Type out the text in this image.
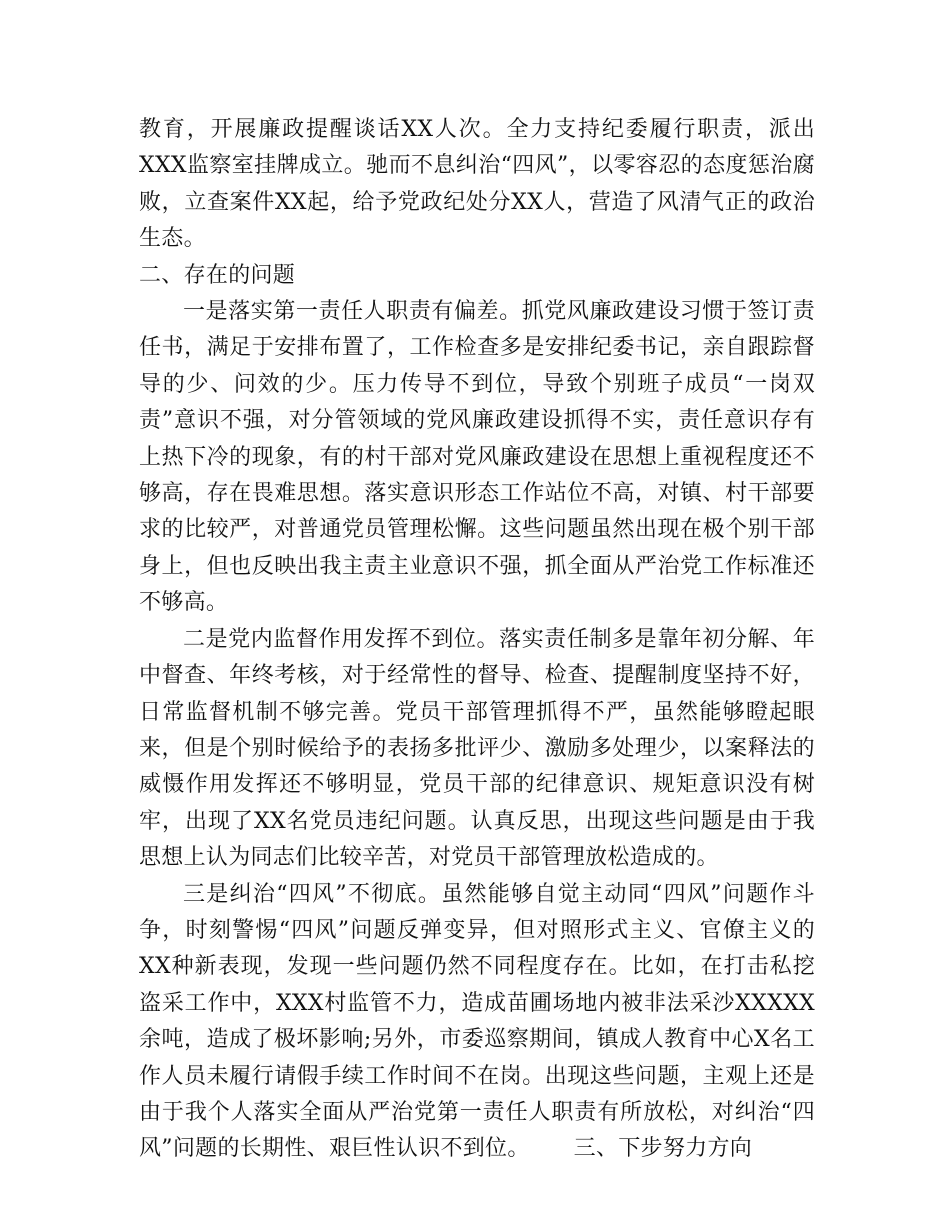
教育，开展廉政提醒谈话XX人次。全力支持纪委履行职责，派出XXX监察室挂牌成立。驰而不息纠治“四风”，以零容忍的态度惩治腐败，立查案件XX起，给予党政纪处分XX人，营造了风清气正的政治生态。

二、存在的问题

一是落实第一责任人职责有偏差。抓党风廉政建设习惯于签订责任书，满足于安排布置了，工作检查多是安排纪委书记，亲自跟踪督导的少、问效的少。压力传导不到位，导致个别班子成员“一岗双责”意识不强，对分管领域的党风廉政建设抓得不实，责任意识存有上热下冷的现象，有的村干部对党风廉政建设在思想上重视程度还不够高，存在畏难思想。落实意识形态工作站位不高，对镇、村干部要求的比较严，对普通党员管理松懈。这些问题虽然出现在极个别干部身上，但也反映出我主责主业意识不强，抓全面从严治党工作标准还不够高。

二是党内监督作用发挥不到位。落实责任制多是靠年初分解、年中督查、年终考核，对于经常性的督导、检查、提醒制度坚持不好，日常监督机制不够完善。党员干部管理抓得不严，虽然能够瞪起眼来，但是个别时候给予的表扬多批评少、激励多处理少，以案释法的威慑作用发挥还不够明显，党员干部的纪律意识、规矩意识没有树牢，出现了XX名党员违纪问题。认真反思，出现这些问题是由于我思想上认为同志们比较辛苦，对党员干部管理放松造成的。

三是纠治“四风”不彻底。虽然能够自觉主动同“四风”问题作斗争，时刻警惕“四风”问题反弹变异，但对照形式主义、官僚主义的XX种新表现，发现一些问题仍然不同程度存在。比如，在打击私挖盗采工作中，XXX村监管不力，造成苗圃场地内被非法采沙XXXXX余吨，造成了极坏影响;另外，市委巡察期间，镇成人教育中心X名工作人员未履行请假手续工作时间不在岗。出现这些问题，主观上还是由于我个人落实全面从严治党第一责任人职责有所放松，对纠治“四风”问题的长期性、艰巨性认识不到位。 三、下步努力方向
